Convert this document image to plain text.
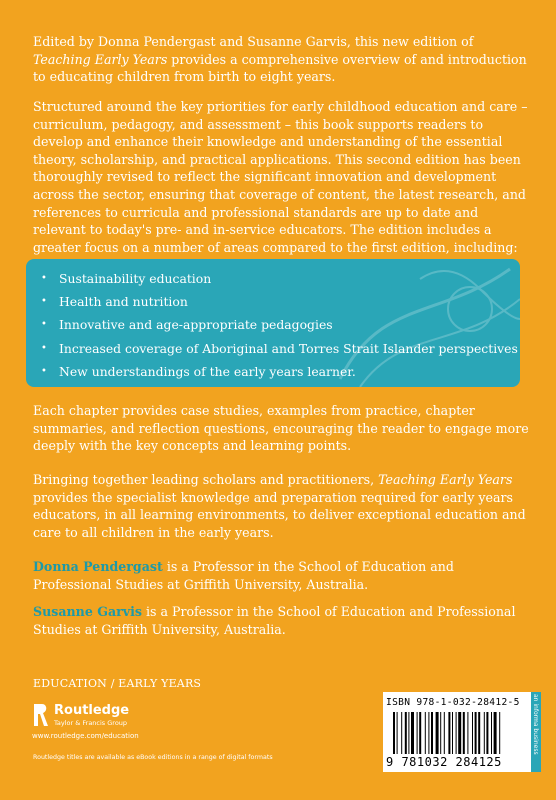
Edited by Donna Pendergast and Susanne Garvis, this new edition of Teaching Early Years provides a comprehensive overview of and introduction to educating children from birth to eight years.

Structured around the key priorities for early childhood education and care – curriculum, pedagogy, and assessment – this book supports readers to develop and enhance their knowledge and understanding of the essential theory, scholarship, and practical applications. This second edition has been thoroughly revised to reflect the significant innovation and development across the sector, ensuring that coverage of content, the latest research, and references to curricula and professional standards are up to date and relevant to today's pre- and in-service educators. The edition includes a greater focus on a number of areas compared to the first edition, including:

• Sustainability education
• Health and nutrition
• Innovative and age-appropriate pedagogies
• Increased coverage of Aboriginal and Torres Strait Islander perspectives
• New understandings of the early years learner.

Each chapter provides case studies, examples from practice, chapter summaries, and reflection questions, encouraging the reader to engage more deeply with the key concepts and learning points.

Bringing together leading scholars and practitioners, Teaching Early Years provides the specialist knowledge and preparation required for early years educators, in all learning environments, to deliver exceptional education and care to all children in the early years.

Donna Pendergast is a Professor in the School of Education and Professional Studies at Griffith University, Australia.

Susanne Garvis is a Professor in the School of Education and Professional Studies at Griffith University, Australia.

EDUCATION / EARLY YEARS
Routledge
Taylor & Francis Group
www.routledge.com/education
Routledge titles are available as eBook editions in a range of digital formats
ISBN 978-1-032-28412-5
9 781032 284125
an informa business
